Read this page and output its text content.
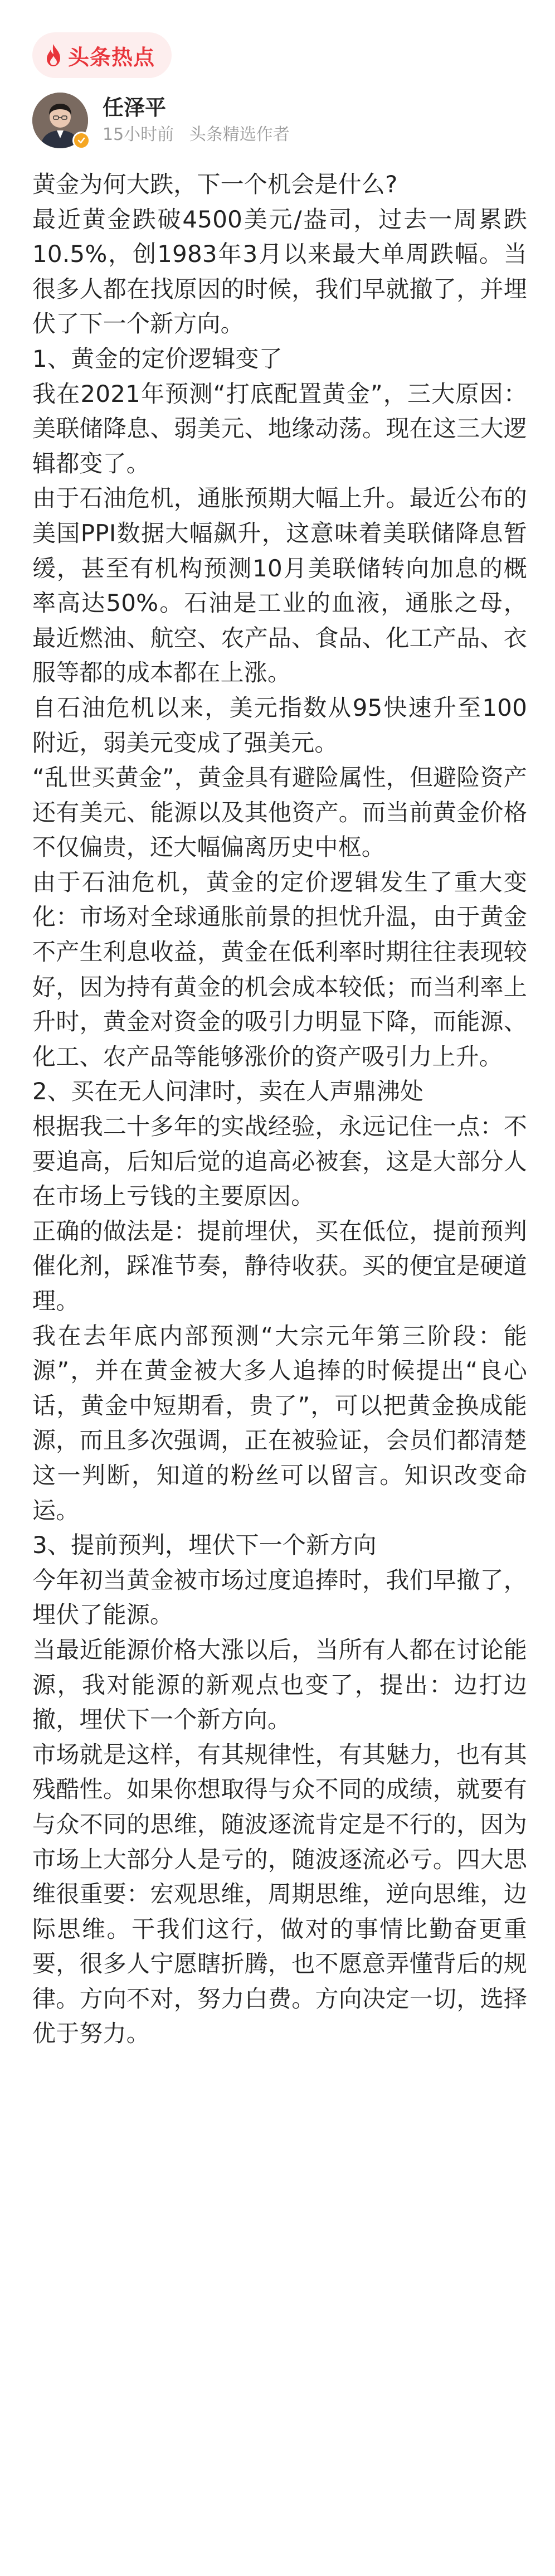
头条热点
任泽平
15小时前 头条精选作者

黄金为何大跌，下一个机会是什么?

最近黄金跌破4500美元/盎司，过去一周累跌10.5%，创1983年3月以来最大单周跌幅。当很多人都在找原因的时候，我们早就撤了，并埋伏了下一个新方向。

1、黄金的定价逻辑变了

我在2021年预测“打底配置黄金”，三大原因：美联储降息、弱美元、地缘动荡。现在这三大逻辑都变了。

由于石油危机，通胀预期大幅上升。最近公布的美国PPI数据大幅飙升，这意味着美联储降息暂缓，甚至有机构预测10月美联储转向加息的概率高达50%。石油是工业的血液，通胀之母，最近燃油、航空、农产品、食品、化工产品、衣服等都的成本都在上涨。

自石油危机以来，美元指数从95快速升至100附近，弱美元变成了强美元。

“乱世买黄金”，黄金具有避险属性，但避险资产还有美元、能源以及其他资产。而当前黄金价格不仅偏贵，还大幅偏离历史中枢。

由于石油危机，黄金的定价逻辑发生了重大变化：市场对全球通胀前景的担忧升温，由于黄金不产生利息收益，黄金在低利率时期往往表现较好，因为持有黄金的机会成本较低；而当利率上升时，黄金对资金的吸引力明显下降，而能源、化工、农产品等能够涨价的资产吸引力上升。

2、买在无人问津时，卖在人声鼎沸处

根据我二十多年的实战经验，永远记住一点：不要追高，后知后觉的追高必被套，这是大部分人在市场上亏钱的主要原因。

正确的做法是：提前埋伏，买在低位，提前预判催化剂，踩准节奏，静待收获。买的便宜是硬道理。

我在去年底内部预测“大宗元年第三阶段：能源”，并在黄金被大多人追捧的时候提出“良心话，黄金中短期看，贵了”，可以把黄金换成能源，而且多次强调，正在被验证，会员们都清楚这一判断，知道的粉丝可以留言。知识改变命运。

3、提前预判，埋伏下一个新方向

今年初当黄金被市场过度追捧时，我们早撤了，埋伏了能源。

当最近能源价格大涨以后，当所有人都在讨论能源，我对能源的新观点也变了，提出：边打边撤，埋伏下一个新方向。

市场就是这样，有其规律性，有其魅力，也有其残酷性。如果你想取得与众不同的成绩，就要有与众不同的思维，随波逐流肯定是不行的，因为市场上大部分人是亏的，随波逐流必亏。四大思维很重要：宏观思维，周期思维，逆向思维，边际思维。干我们这行，做对的事情比勤奋更重要，很多人宁愿瞎折腾，也不愿意弄懂背后的规律。方向不对，努力白费。方向决定一切，选择优于努力。
